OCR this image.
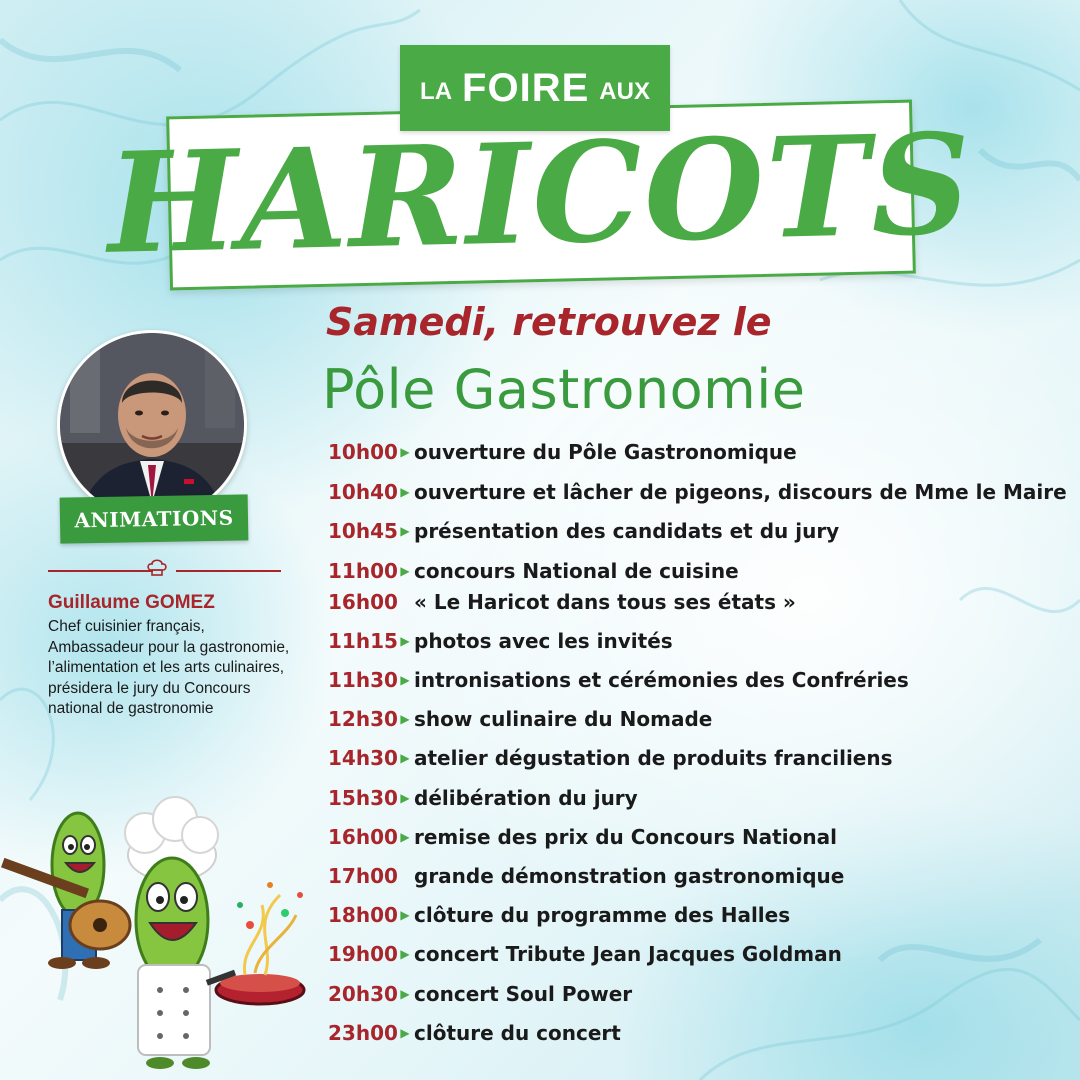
LA FOIRE AUX
HARICOTS
Samedi, retrouvez le
Pôle Gastronomie
10h00 ▶ ouverture du Pôle Gastronomique
10h40 ▶ ouverture et lâcher de pigeons, discours de Mme le Maire
10h45 ▶ présentation des candidats et du jury
11h00 ▶ concours National de cuisine
16h00 « Le Haricot dans tous ses états »
11h15 ▶ photos avec les invités
11h30 ▶ intronisations et cérémonies des Confréries
12h30 ▶ show culinaire du Nomade
14h30 ▶ atelier dégustation de produits franciliens
15h30 ▶ délibération du jury
16h00 ▶ remise des prix du Concours National
17h00 grande démonstration gastronomique
18h00 ▶ clôture du programme des Halles
19h00 ▶ concert Tribute Jean Jacques Goldman
20h30 ▶ concert Soul Power
23h00 ▶ clôture du concert
ANIMATIONS
Guillaume GOMEZ
Chef cuisinier français, Ambassadeur pour la gastronomie, l’alimentation et les arts culinaires, présidera le jury du Concours national de gastronomie
